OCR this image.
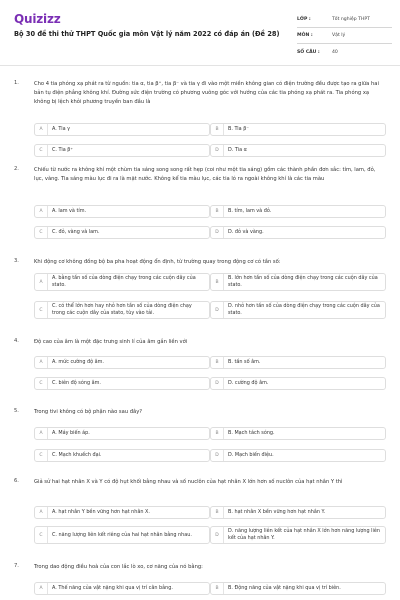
Quizizz
Bộ 30 đề thi thử THPT Quốc gia môn Vật lý năm 2022 có đáp án (Đề 28)
LỚP :	Tốt nghiệp THPT
MÔN :	Vật lý
SỐ CÂU :	40
1.	Cho 4 tia phóng xạ phát ra từ nguồn: tia α, tia β⁺, tia β⁻ và tia γ đi vào một miền không gian có điện trường đều được tạo ra giữa hai bản tụ điện phẳng không khí. Đường sức điện trường có phương vuông góc với hướng của các tia phóng xạ phát ra. Tia phóng xạ không bị lệch khỏi phương truyền ban đầu là
A	A. Tia γ	B	B. Tia β⁻
C	C. Tia β⁺	D	D. Tia α
2.	Chiếu từ nước ra không khí một chùm tia sáng song song rất hẹp (coi như một tia sáng) gồm các thành phần đơn sắc: tím, lam, đỏ, lục, vàng. Tia sáng màu lục đi ra là mặt nước. Không kể tia màu lục, các tia ló ra ngoài không khí là các tia màu
A	A. lam và tím.	B	B. tím, lam và đỏ.
C	C. đỏ, vàng và lam.	D	D. đỏ và vàng.
3.	Khi động cơ không đồng bộ ba pha hoạt động ổn định, từ trường quay trong động cơ có tần số:
A
A. bằng tần số của dòng điện chạy trong các cuộn dây của stato.	B
B. lớn hơn tần số của dòng điện chạy trong các cuộn dây của stato.
C
C. có thể lớn hơn hay nhỏ hơn tần số của dòng điện chạy trong các cuộn dây của stato, tùy vào tải.	D
D. nhỏ hơn tần số của dòng điện chạy trong các cuộn dây của stato.
4.	Độ cao của âm là một đặc trưng sinh lí của âm gắn liền với
A	A. mức cường độ âm.	B	B. tần số âm.
C	C. biên độ sóng âm.	D	D. cường độ âm.
5.	Trong tivi không có bộ phận nào sau đây?
A	A. Máy biến áp.	B	B. Mạch tách sóng.
C	C. Mạch khuếch đại.	D	D. Mạch biến điệu.
6.	Giả sử hai hạt nhân X và Y có độ hụt khối bằng nhau và số nuclôn của hạt nhân X lớn hơn số nuclôn của hạt nhân Y thì
A	A. hạt nhân Y bền vững hơn hạt nhân X.	B	B. hạt nhân X bền vững hơn hạt nhân Y.
C	C. năng lượng liên kết riêng của hai hạt nhân bằng nhau.	D
D. năng lượng liên kết của hạt nhân X lớn hơn năng lượng liên kết của hạt nhân Y.
7.	Trong dao động điều hoà của con lắc lò xo, cơ năng của nó bằng:
A	A. Thế năng của vật nặng khi qua vị trí cân bằng.	B	B. Động năng của vật nặng khi qua vị trí biên.
